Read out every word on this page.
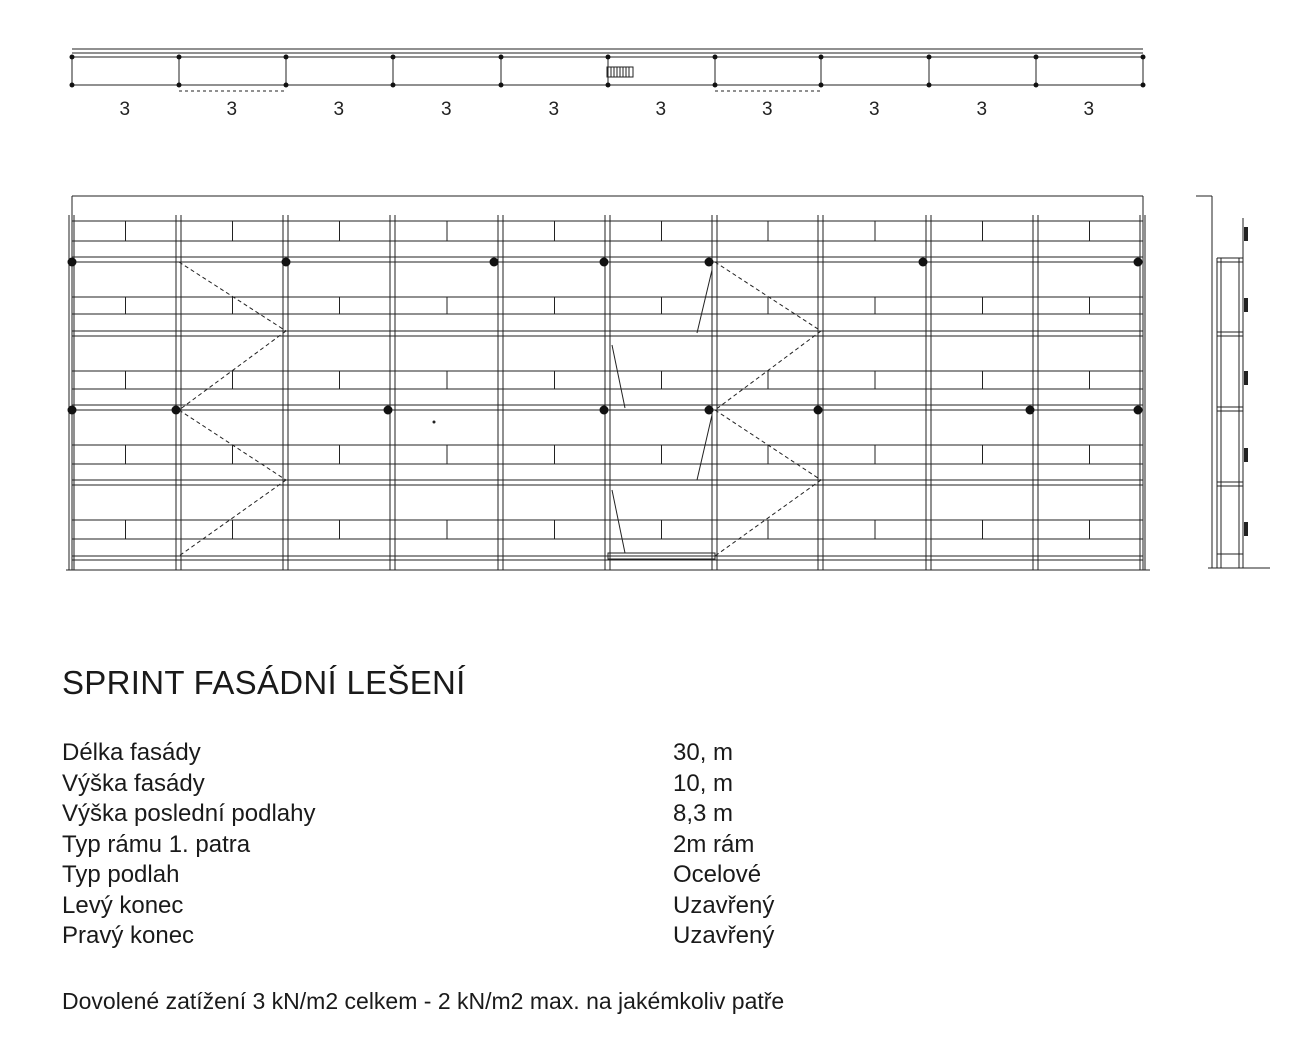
3	3	3	3	3	3	3	3	3	3
SPRINT FASÁDNÍ LEŠENÍ
Délka fasády	30, m
Výška fasády	10, m
Výška poslední podlahy	8,3 m
Typ rámu 1. patra	2m rám
Typ podlah	Ocelové
Levý konec	Uzavřený
Pravý konec	Uzavřený
Dovolené zatížení 3 kN/m2 celkem - 2 kN/m2 max. na jakémkoliv patře
